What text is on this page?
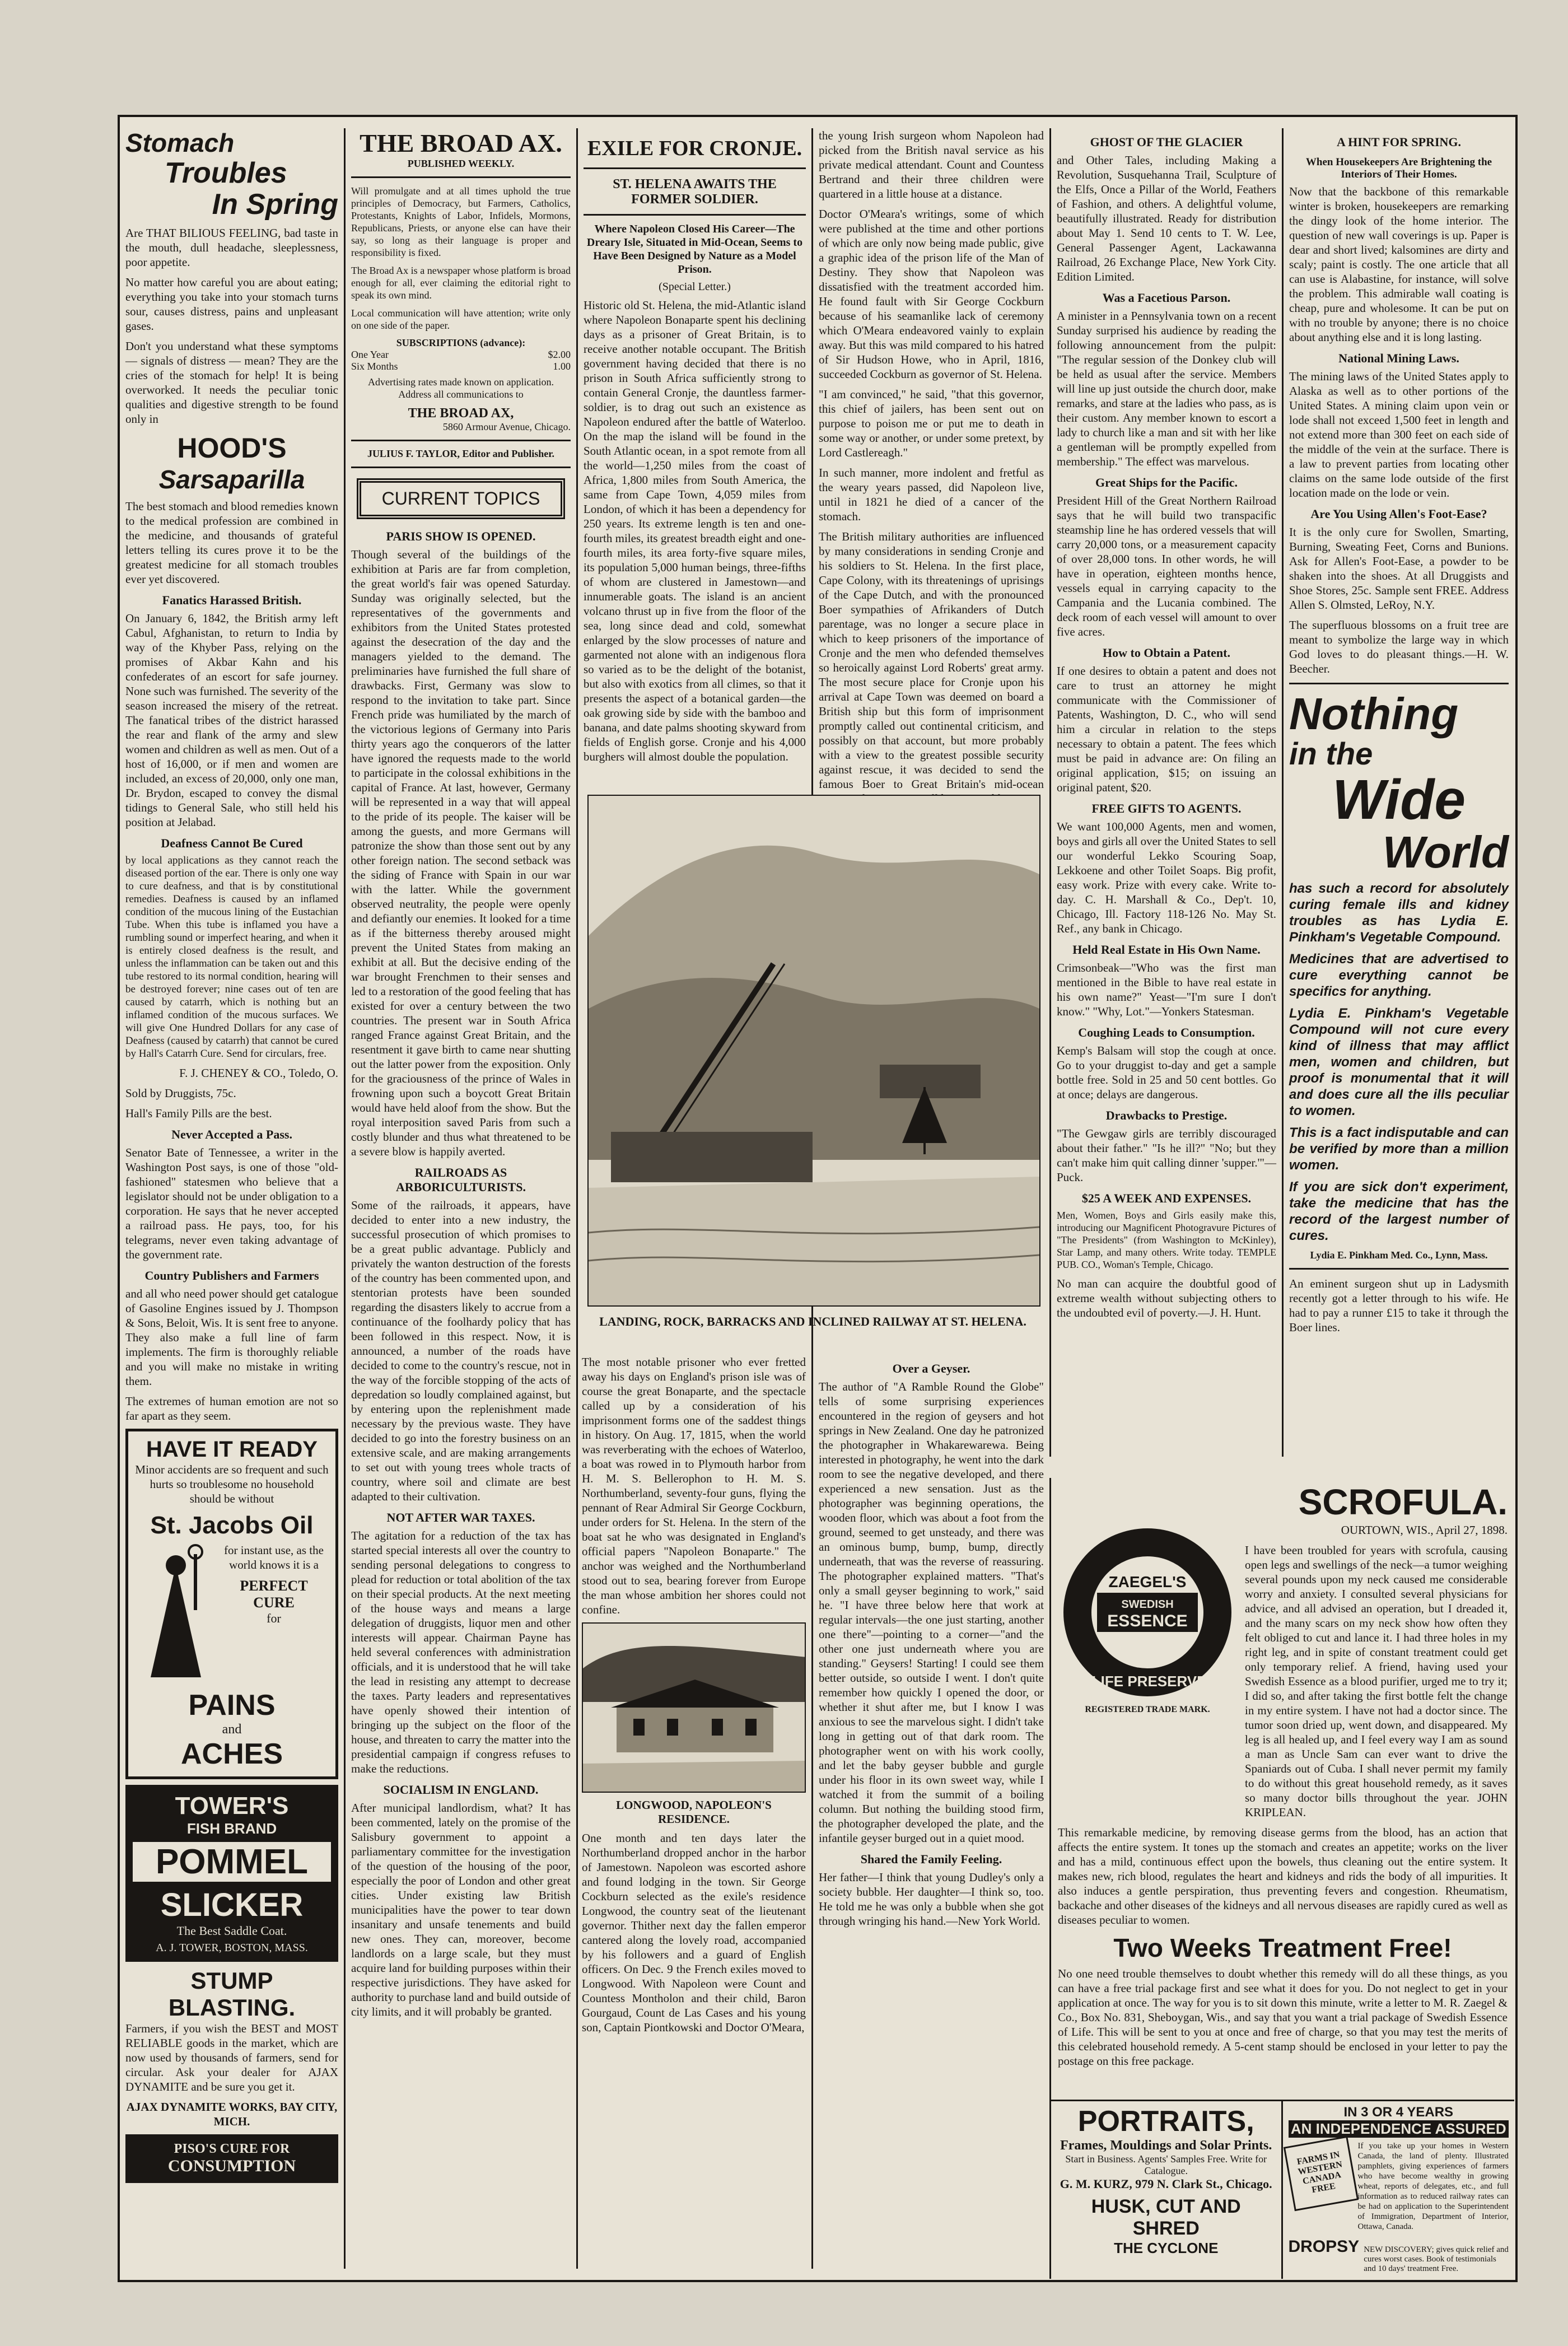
Stomach
Troubles
In Spring

Are THAT BILIOUS FEELING, bad taste in the mouth, dull headache, sleeplessness, poor appetite.

No matter how careful you are about eating; everything you take into your stomach turns sour, causes distress, pains and unpleasant gases.

Don't you understand what these symptoms — signals of distress — mean? They are the cries of the stomach for help! It is being overworked. It needs the peculiar tonic qualities and digestive strength to be found only in

HOOD'S
Sarsaparilla

The best stomach and blood remedies known to the medical profession are combined in the medicine, and thousands of grateful letters telling its cures prove it to be the greatest medicine for all stomach troubles ever yet discovered.

Fanatics Harassed British.

On January 6, 1842, the British army left Cabul, Afghanistan, to return to India by way of the Khyber Pass, relying on the promises of Akbar Kahn and his confederates of an escort for safe journey. None such was furnished. The severity of the season increased the misery of the retreat. The fanatical tribes of the district harassed the rear and flank of the army and slew women and children as well as men. Out of a host of 16,000, or if men and women are included, an excess of 20,000, only one man, Dr. Brydon, escaped to convey the dismal tidings to General Sale, who still held his position at Jelabad.

Deafness Cannot Be Cured

by local applications as they cannot reach the diseased portion of the ear. There is only one way to cure deafness, and that is by constitutional remedies. Deafness is caused by an inflamed condition of the mucous lining of the Eustachian Tube. When this tube is inflamed you have a rumbling sound or imperfect hearing, and when it is entirely closed deafness is the result, and unless the inflammation can be taken out and this tube restored to its normal condition, hearing will be destroyed forever; nine cases out of ten are caused by catarrh, which is nothing but an inflamed condition of the mucous surfaces. We will give One Hundred Dollars for any case of Deafness (caused by catarrh) that cannot be cured by Hall's Catarrh Cure. Send for circulars, free.

F. J. CHENEY & CO., Toledo, O.

Sold by Druggists, 75c.

Hall's Family Pills are the best.

Never Accepted a Pass.

Senator Bate of Tennessee, a writer in the Washington Post says, is one of those "old-fashioned" statesmen who believe that a legislator should not be under obligation to a corporation. He says that he never accepted a railroad pass. He pays, too, for his telegrams, never even taking advantage of the government rate.

Country Publishers and Farmers

and all who need power should get catalogue of Gasoline Engines issued by J. Thompson & Sons, Beloit, Wis. It is sent free to anyone. They also make a full line of farm implements. The firm is thoroughly reliable and you will make no mistake in writing them.

The extremes of human emotion are not so far apart as they seem.

HAVE IT READY

Minor accidents are so frequent and such hurts so troublesome no household should be without

St. Jacobs Oil

for instant use, as the world knows it is a

PERFECT
CURE
for
PAINS
and
ACHES
TOWER'S
FISH BRAND
POMMEL
SLICKER
The Best Saddle Coat.
A. J. TOWER, BOSTON, MASS.
STUMP BLASTING.

Farmers, if you wish the BEST and MOST RELIABLE goods in the market, which are now used by thousands of farmers, send for circular. Ask your dealer for AJAX DYNAMITE and be sure you get it.

AJAX DYNAMITE WORKS, BAY CITY, MICH.

PISO'S CURE FOR
CONSUMPTION
THE BROAD AX.
PUBLISHED WEEKLY.

Will promulgate and at all times uphold the true principles of Democracy, but Farmers, Catholics, Protestants, Knights of Labor, Infidels, Mormons, Republicans, Priests, or anyone else can have their say, so long as their language is proper and responsibility is fixed.

The Broad Ax is a newspaper whose platform is broad enough for all, ever claiming the editorial right to speak its own mind.

Local communication will have attention; write only on one side of the paper.

SUBSCRIPTIONS (advance):
One Year	$2.00
Six Months	1.00

Advertising rates made known on application. Address all communications to

THE BROAD AX,
5860 Armour Avenue, Chicago.
JULIUS F. TAYLOR, Editor and Publisher.
CURRENT TOPICS
PARIS SHOW IS OPENED.

Though several of the buildings of the exhibition at Paris are far from completion, the great world's fair was opened Saturday. Sunday was originally selected, but the representatives of the governments and exhibitors from the United States protested against the desecration of the day and the managers yielded to the demand. The preliminaries have furnished the full share of drawbacks. First, Germany was slow to respond to the invitation to take part. Since French pride was humiliated by the march of the victorious legions of Germany into Paris thirty years ago the conquerors of the latter have ignored the requests made to the world to participate in the colossal exhibitions in the capital of France. At last, however, Germany will be represented in a way that will appeal to the pride of its people. The kaiser will be among the guests, and more Germans will patronize the show than those sent out by any other foreign nation. The second setback was the siding of France with Spain in our war with the latter. While the government observed neutrality, the people were openly and defiantly our enemies. It looked for a time as if the bitterness thereby aroused might prevent the United States from making an exhibit at all. But the decisive ending of the war brought Frenchmen to their senses and led to a restoration of the good feeling that has existed for over a century between the two countries. The present war in South Africa ranged France against Great Britain, and the resentment it gave birth to came near shutting out the latter power from the exposition. Only for the graciousness of the prince of Wales in frowning upon such a boycott Great Britain would have held aloof from the show. But the royal interposition saved Paris from such a costly blunder and thus what threatened to be a severe blow is happily averted.

RAILROADS AS ARBORICULTURISTS.

Some of the railroads, it appears, have decided to enter into a new industry, the successful prosecution of which promises to be a great public advantage. Publicly and privately the wanton destruction of the forests of the country has been commented upon, and stentorian protests have been sounded regarding the disasters likely to accrue from a continuance of the foolhardy policy that has been followed in this respect. Now, it is announced, a number of the roads have decided to come to the country's rescue, not in the way of the forcible stopping of the acts of depredation so loudly complained against, but by entering upon the replenishment made necessary by the previous waste. They have decided to go into the forestry business on an extensive scale, and are making arrangements to set out with young trees whole tracts of country, where soil and climate are best adapted to their cultivation.

NOT AFTER WAR TAXES.

The agitation for a reduction of the tax has started special interests all over the country to sending personal delegations to congress to plead for reduction or total abolition of the tax on their special products. At the next meeting of the house ways and means a large delegation of druggists, liquor men and other interests will appear. Chairman Payne has held several conferences with administration officials, and it is understood that he will take the lead in resisting any attempt to decrease the taxes. Party leaders and representatives have openly showed their intention of bringing up the subject on the floor of the house, and threaten to carry the matter into the presidential campaign if congress refuses to make the reductions.

SOCIALISM IN ENGLAND.

After municipal landlordism, what? It has been commented, lately on the promise of the Salisbury government to appoint a parliamentary committee for the investigation of the question of the housing of the poor, especially the poor of London and other great cities. Under existing law British municipalities have the power to tear down insanitary and unsafe tenements and build new ones. They can, moreover, become landlords on a large scale, but they must acquire land for building purposes within their respective jurisdictions. They have asked for authority to purchase land and build outside of city limits, and it will probably be granted.

EXILE FOR CRONJE.
ST. HELENA AWAITS THE FORMER SOLDIER.
Where Napoleon Closed His Career—The Dreary Isle, Situated in Mid-Ocean, Seems to Have Been Designed by Nature as a Model Prison.
(Special Letter.)

Historic old St. Helena, the mid-Atlantic island where Napoleon Bonaparte spent his declining days as a prisoner of Great Britain, is to receive another notable occupant. The British government having decided that there is no prison in South Africa sufficiently strong to contain General Cronje, the dauntless farmer-soldier, is to drag out such an existence as Napoleon endured after the battle of Waterloo. On the map the island will be found in the South Atlantic ocean, in a spot remote from all the world—1,250 miles from the coast of Africa, 1,800 miles from South America, the same from Cape Town, 4,059 miles from London, of which it has been a dependency for 250 years. Its extreme length is ten and one-fourth miles, its greatest breadth eight and one-fourth miles, its area forty-five square miles, its population 5,000 human beings, three-fifths of whom are clustered in Jamestown—and innumerable goats. The island is an ancient volcano thrust up in five from the floor of the sea, long since dead and cold, somewhat enlarged by the slow processes of nature and garmented not alone with an indigenous flora so varied as to be the delight of the botanist, but also with exotics from all climes, so that it presents the aspect of a botanical garden—the oak growing side by side with the bamboo and banana, and date palms shooting skyward from fields of English gorse. Cronje and his 4,000 burghers will almost double the population.

the young Irish surgeon whom Napoleon had picked from the British naval service as his private medical attendant. Count and Countess Bertrand and their three children were quartered in a little house at a distance.

Doctor O'Meara's writings, some of which were published at the time and other portions of which are only now being made public, give a graphic idea of the prison life of the Man of Destiny. They show that Napoleon was dissatisfied with the treatment accorded him. He found fault with Sir George Cockburn because of his seamanlike lack of ceremony which O'Meara endeavored vainly to explain away. But this was mild compared to his hatred of Sir Hudson Howe, who in April, 1816, succeeded Cockburn as governor of St. Helena.

"I am convinced," he said, "that this governor, this chief of jailers, has been sent out on purpose to poison me or put me to death in some way or another, or under some pretext, by Lord Castlereagh."

In such manner, more indolent and fretful as the weary years passed, did Napoleon live, until in 1821 he died of a cancer of the stomach.

The British military authorities are influenced by many considerations in sending Cronje and his soldiers to St. Helena. In the first place, Cape Colony, with its threatenings of uprisings of the Cape Dutch, and with the pronounced Boer sympathies of Afrikanders of Dutch parentage, was no longer a secure place in which to keep prisoners of the importance of Cronje and the men who defended themselves so heroically against Lord Roberts' great army. The most secure place for Cronje upon his arrival at Cape Town was deemed on board a British ship but this form of imprisonment promptly called out continental criticism, and possibly on that account, but more probably with a view to the greatest possible security against rescue, it was decided to send the famous Boer to Great Britain's mid-ocean

LANDING, ROCK, BARRACKS AND INCLINED RAILWAY AT ST. HELENA.

The most notable prisoner who ever fretted away his days on England's prison isle was of course the great Bonaparte, and the spectacle called up by a consideration of his imprisonment forms one of the saddest things in history. On Aug. 17, 1815, when the world was reverberating with the echoes of Waterloo, a boat was rowed in to Plymouth harbor from H. M. S. Bellerophon to H. M. S. Northumberland, seventy-four guns, flying the pennant of Rear Admiral Sir George Cockburn, under orders for St. Helena. In the stern of the boat sat he who was designated in England's official papers "Napoleon Bonaparte." The anchor was weighed and the Northumberland stood out to sea, bearing forever from Europe the man whose ambition her shores could not confine.

LONGWOOD, NAPOLEON'S RESIDENCE.

One month and ten days later the Northumberland dropped anchor in the harbor of Jamestown. Napoleon was escorted ashore and found lodging in the town. Sir George Cockburn selected as the exile's residence Longwood, the country seat of the lieutenant governor. Thither next day the fallen emperor cantered along the lovely road, accompanied by his followers and a guard of English officers. On Dec. 9 the French exiles moved to Longwood. With Napoleon were Count and Countess Montholon and their child, Baron Gourgaud, Count de Las Cases and his young son, Captain Piontkowski and Doctor O'Meara,

Over a Geyser.

The author of "A Ramble Round the Globe" tells of some surprising experiences encountered in the region of geysers and hot springs in New Zealand. One day he patronized the photographer in Whakarewarewa. Being interested in photography, he went into the dark room to see the negative developed, and there experienced a new sensation. Just as the photographer was beginning operations, the wooden floor, which was about a foot from the ground, seemed to get unsteady, and there was an ominous bump, bump, bump, directly underneath, that was the reverse of reassuring. The photographer explained matters. "That's only a small geyser beginning to work," said he. "I have three below here that work at regular intervals—the one just starting, another one there"—pointing to a corner—"and the other one just underneath where you are standing." Geysers! Starting! I could see them better outside, so outside I went. I don't quite remember how quickly I opened the door, or whether it shut after me, but I know I was anxious to see the marvelous sight. I didn't take long in getting out of that dark room. The photographer went on with his work coolly, and let the baby geyser bubble and gurgle under his floor in its own sweet way, while I watched it from the summit of a boiling column. But nothing the building stood firm, the photographer developed the plate, and the infantile geyser burged out in a quiet mood.

Shared the Family Feeling.

Her father—I think that young Dudley's only a society bubble. Her daughter—I think so, too. He told me he was only a bubble when she got through wringing his hand.—New York World.

GHOST OF THE GLACIER

and Other Tales, including Making a Revolution, Susquehanna Trail, Sculpture of the Elfs, Once a Pillar of the World, Feathers of Fashion, and others. A delightful volume, beautifully illustrated. Ready for distribution about May 1. Send 10 cents to T. W. Lee, General Passenger Agent, Lackawanna Railroad, 26 Exchange Place, New York City. Edition Limited.

Was a Facetious Parson.

A minister in a Pennsylvania town on a recent Sunday surprised his audience by reading the following announcement from the pulpit: "The regular session of the Donkey club will be held as usual after the service. Members will line up just outside the church door, make remarks, and stare at the ladies who pass, as is their custom. Any member known to escort a lady to church like a man and sit with her like a gentleman will be promptly expelled from membership." The effect was marvelous.

Great Ships for the Pacific.

President Hill of the Great Northern Railroad says that he will build two transpacific steamship line he has ordered vessels that will carry 20,000 tons, or a measurement capacity of over 28,000 tons. In other words, he will have in operation, eighteen months hence, vessels equal in carrying capacity to the Campania and the Lucania combined. The deck room of each vessel will amount to over five acres.

How to Obtain a Patent.

If one desires to obtain a patent and does not care to trust an attorney he might communicate with the Commissioner of Patents, Washington, D. C., who will send him a circular in relation to the steps necessary to obtain a patent. The fees which must be paid in advance are: On filing an original application, $15; on issuing an original patent, $20.

FREE GIFTS TO AGENTS.

We want 100,000 Agents, men and women, boys and girls all over the United States to sell our wonderful Lekko Scouring Soap, Lekkoene and other Toilet Soaps. Big profit, easy work. Prize with every cake. Write to-day. C. H. Marshall & Co., Dep't. 10, Chicago, Ill. Factory 118-126 No. May St. Ref., any bank in Chicago.

Held Real Estate in His Own Name.

Crimsonbeak—"Who was the first man mentioned in the Bible to have real estate in his own name?" Yeast—"I'm sure I don't know." "Why, Lot."—Yonkers Statesman.

Coughing Leads to Consumption.

Kemp's Balsam will stop the cough at once. Go to your druggist to-day and get a sample bottle free. Sold in 25 and 50 cent bottles. Go at once; delays are dangerous.

Drawbacks to Prestige.

"The Gewgaw girls are terribly discouraged about their father." "Is he ill?" "No; but they can't make him quit calling dinner 'supper.'"—Puck.

$25 A WEEK AND EXPENSES.

Men, Women, Boys and Girls easily make this, introducing our Magnificent Photogravure Pictures of "The Presidents" (from Washington to McKinley), Star Lamp, and many others. Write today. TEMPLE PUB. CO., Woman's Temple, Chicago.

No man can acquire the doubtful good of extreme wealth without subjecting others to the undoubted evil of poverty.—J. H. Hunt.

A HINT FOR SPRING.
When Housekeepers Are Brightening the Interiors of Their Homes.

Now that the backbone of this remarkable winter is broken, housekeepers are remarking the dingy look of the home interior. The question of new wall coverings is up. Paper is dear and short lived; kalsomines are dirty and scaly; paint is costly. The one article that all can use is Alabastine, for instance, will solve the problem. This admirable wall coating is cheap, pure and wholesome. It can be put on with no trouble by anyone; there is no choice about anything else and it is long lasting.

National Mining Laws.

The mining laws of the United States apply to Alaska as well as to other portions of the United States. A mining claim upon vein or lode shall not exceed 1,500 feet in length and not extend more than 300 feet on each side of the middle of the vein at the surface. There is a law to prevent parties from locating other claims on the same lode outside of the first location made on the lode or vein.

Are You Using Allen's Foot-Ease?

It is the only cure for Swollen, Smarting, Burning, Sweating Feet, Corns and Bunions. Ask for Allen's Foot-Ease, a powder to be shaken into the shoes. At all Druggists and Shoe Stores, 25c. Sample sent FREE. Address Allen S. Olmsted, LeRoy, N.Y.

The superfluous blossoms on a fruit tree are meant to symbolize the large way in which God loves to do pleasant things.—H. W. Beecher.

Nothing
in the
Wide
World

has such a record for absolutely curing female ills and kidney troubles as has Lydia E. Pinkham's Vegetable Compound.

Medicines that are advertised to cure everything cannot be specifics for anything.

Lydia E. Pinkham's Vegetable Compound will not cure every kind of illness that may afflict men, women and children, but proof is monumental that it will and does cure all the ills peculiar to women.

This is a fact indisputable and can be verified by more than a million women.

If you are sick don't experiment, take the medicine that has the record of the largest number of cures.

Lydia E. Pinkham Med. Co., Lynn, Mass.

An eminent surgeon shut up in Ladysmith recently got a letter through to his wife. He had to pay a runner £15 to take it through the Boer lines.

SCROFULA.
ZAEGEL'S
SWEDISH
ESSENCE
A LIFE PRESERVER
REGISTERED TRADE MARK.

OURTOWN, WIS., April 27, 1898.

I have been troubled for years with scrofula, causing open legs and swellings of the neck—a tumor weighing several pounds upon my neck caused me considerable worry and anxiety. I consulted several physicians for advice, and all advised an operation, but I dreaded it, and the many scars on my neck show how often they felt obliged to cut and lance it. I had three holes in my right leg, and in spite of constant treatment could get only temporary relief. A friend, having used your Swedish Essence as a blood purifier, urged me to try it; I did so, and after taking the first bottle felt the change in my entire system. I have not had a doctor since. The tumor soon dried up, went down, and disappeared. My leg is all healed up, and I feel every way I am as sound a man as Uncle Sam can ever want to drive the Spaniards out of Cuba. I shall never permit my family to do without this great household remedy, as it saves so many doctor bills throughout the year. JOHN KRIPLEAN.

This remarkable medicine, by removing disease germs from the blood, has an action that affects the entire system. It tones up the stomach and creates an appetite; works on the liver and has a mild, continuous effect upon the bowels, thus cleaning out the entire system. It makes new, rich blood, regulates the heart and kidneys and rids the body of all impurities. It also induces a gentle perspiration, thus preventing fevers and congestion. Rheumatism, backache and other diseases of the kidneys and all nervous diseases are rapidly cured as well as diseases peculiar to women.

Two Weeks Treatment Free!

No one need trouble themselves to doubt whether this remedy will do all these things, as you can have a free trial package first and see what it does for you. Do not neglect to get in your application at once. The way for you is to sit down this minute, write a letter to M. R. Zaegel & Co., Box No. 831, Sheboygan, Wis., and say that you want a trial package of Swedish Essence of Life. This will be sent to you at once and free of charge, so that you may test the merits of this celebrated household remedy. A 5-cent stamp should be enclosed in your letter to pay the postage on this free package.

PORTRAITS,
Frames, Mouldings and Solar Prints.
Start in Business. Agents' Samples Free. Write for Catalogue.
G. M. KURZ, 979 N. Clark St., Chicago.
HUSK, CUT AND SHRED
THE CYCLONE
IN 3 OR 4 YEARS
AN INDEPENDENCE ASSURED
FARMS IN WESTERN CANADA FREE

If you take up your homes in Western Canada, the land of plenty. Illustrated pamphlets, giving experiences of farmers who have become wealthy in growing wheat, reports of delegates, etc., and full information as to reduced railway rates can be had on application to the Superintendent of Immigration, Department of Interior, Ottawa, Canada.

DROPSY NEW DISCOVERY; gives quick relief and cures worst cases. Book of testimonials and 10 days' treatment Free.
